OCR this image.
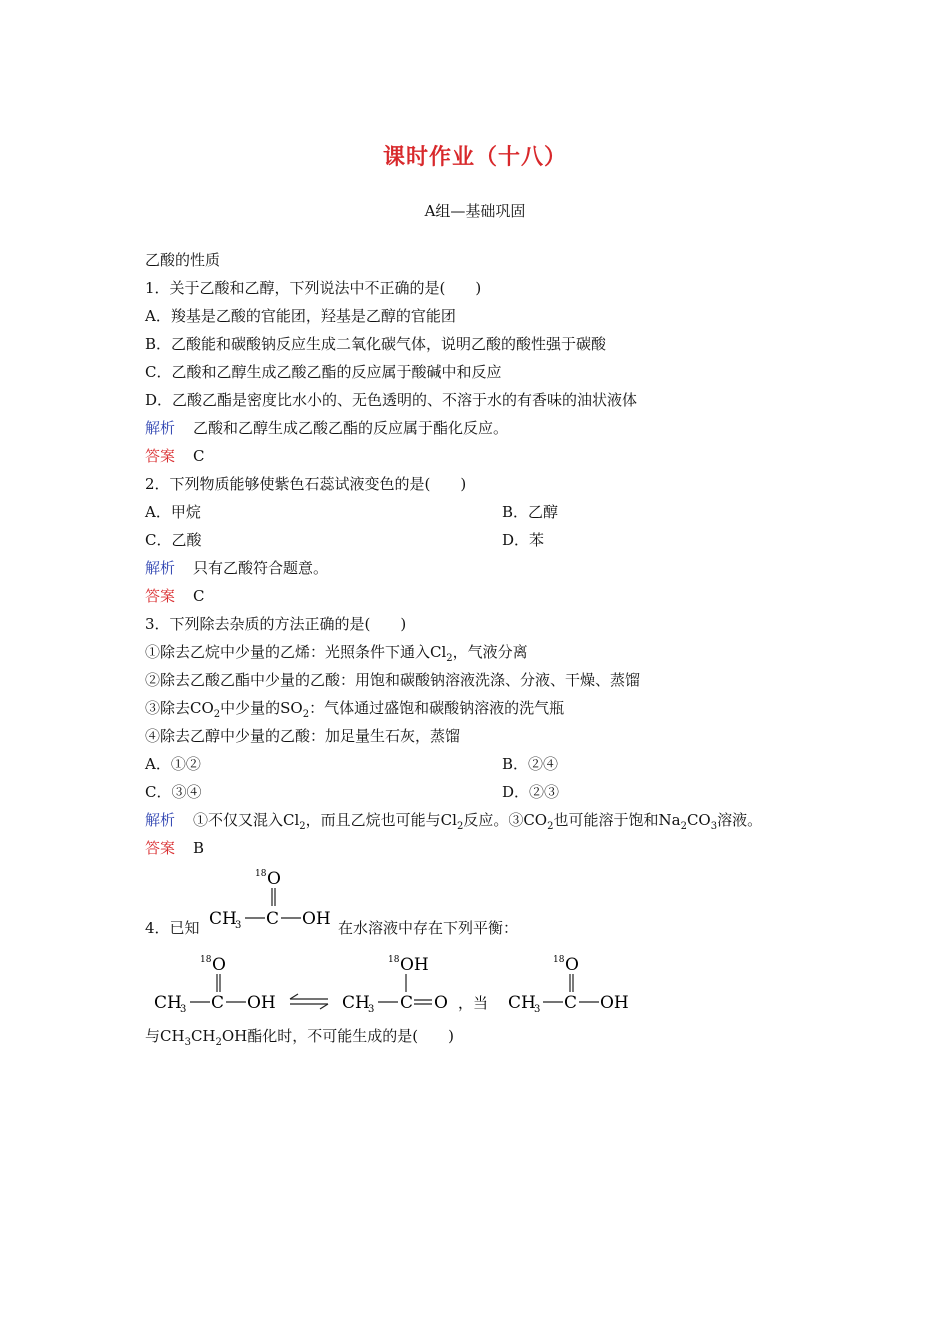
课时作业（十八）
A组—基础巩固
乙酸的性质
1．关于乙酸和乙醇，下列说法中不正确的是(　　)
A．羧基是乙酸的官能团，羟基是乙醇的官能团
B．乙酸能和碳酸钠反应生成二氧化碳气体，说明乙酸的酸性强于碳酸
C．乙酸和乙醇生成乙酸乙酯的反应属于酸碱中和反应
D．乙酸乙酯是密度比水小的、无色透明的、不溶于水的有香味的油状液体
解析 乙酸和乙醇生成乙酸乙酯的反应属于酯化反应。
答案 C
2．下列物质能够使紫色石蕊试液变色的是(　　)
A．甲烷	B．乙醇
C．乙酸	D．苯
解析 只有乙酸符合题意。
答案 C
3．下列除去杂质的方法正确的是(　　)
①除去乙烷中少量的乙烯：光照条件下通入$Cl_2$，气液分离
②除去乙酸乙酯中少量的乙酸：用饱和碳酸钠溶液洗涤、分液、干燥、蒸馏
③除去$CO_2$中少量的$SO_2$：气体通过盛饱和碳酸钠溶液的洗气瓶
④除去乙醇中少量的乙酸：加足量生石灰，蒸馏
A．①②	B．②④
C．③④	D．②③
解析 ①不仅又混入$Cl_2$，而且乙烷也可能与$Cl_2$反应。$③CO_2$也可能溶于饱和$Na_2CO_3$溶液。
答案 B
4．已知
18 O
CH
3 C OH 在水溶液中存在下列平衡：
18 O
CH
3 C OH
18 OH
CH
3 C O ，当
18 O
CH
3 C OH
与$CH_3CH_2OH$酯化时，不可能生成的是(　　)
